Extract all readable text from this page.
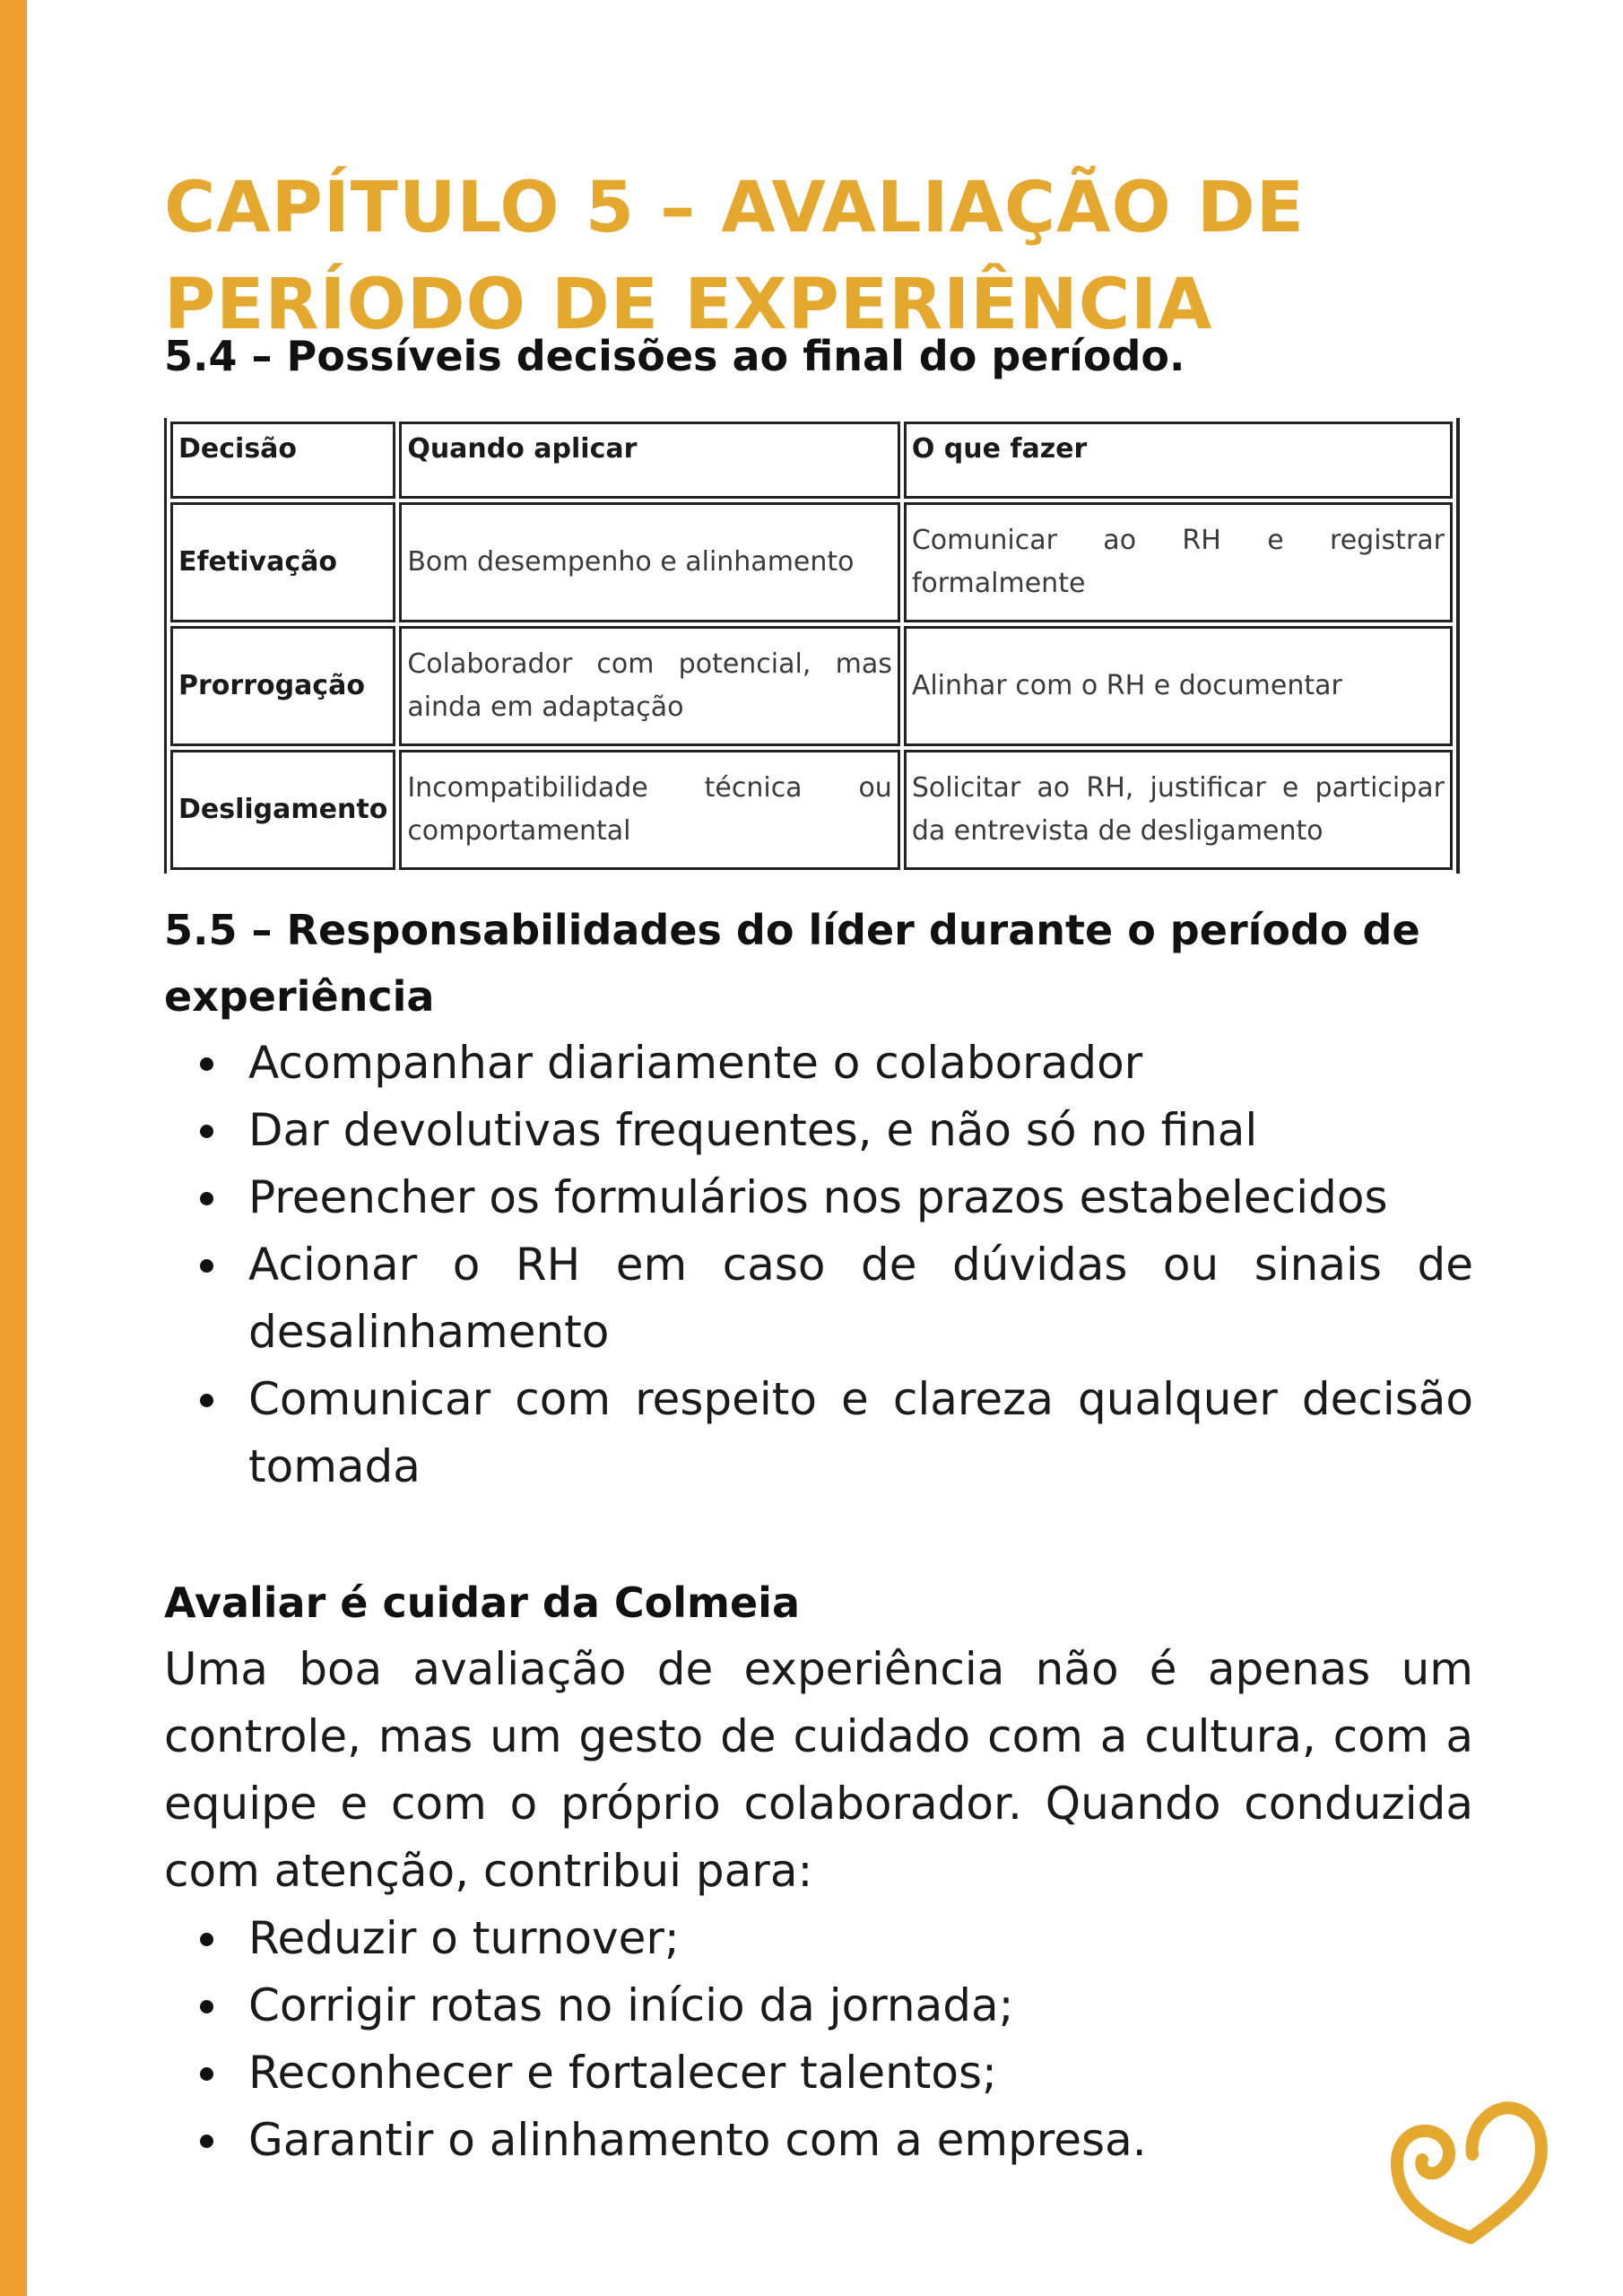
CAPÍTULO 5 – AVALIAÇÃO DE
PERÍODO DE EXPERIÊNCIA
5.4 – Possíveis decisões ao final do período.
Decisão	Quando aplicar	O que fazer
Efetivação	Bom desempenho e alinhamento	Comunicar ao RH e registrar formalmente
Prorrogação	Colaborador com potencial, mas ainda em adaptação	Alinhar com o RH e documentar
Desligamento	Incompatibilidade técnica ou comportamental	Solicitar ao RH, justificar e participar da entrevista de desligamento
5.5 – Responsabilidades do líder durante o período de experiência
Acompanhar diariamente o colaborador
Dar devolutivas frequentes, e não só no final
Preencher os formulários nos prazos estabelecidos
Acionar o RH em caso de dúvidas ou sinais de desalinhamento
Comunicar com respeito e clareza qualquer decisão tomada
Avaliar é cuidar da Colmeia

Uma boa avaliação de experiência não é apenas um controle, mas um gesto de cuidado com a cultura, com a equipe e com o próprio colaborador. Quando conduzida com atenção, contribui para:

Reduzir o turnover;
Corrigir rotas no início da jornada;
Reconhecer e fortalecer talentos;
Garantir o alinhamento com a empresa.
